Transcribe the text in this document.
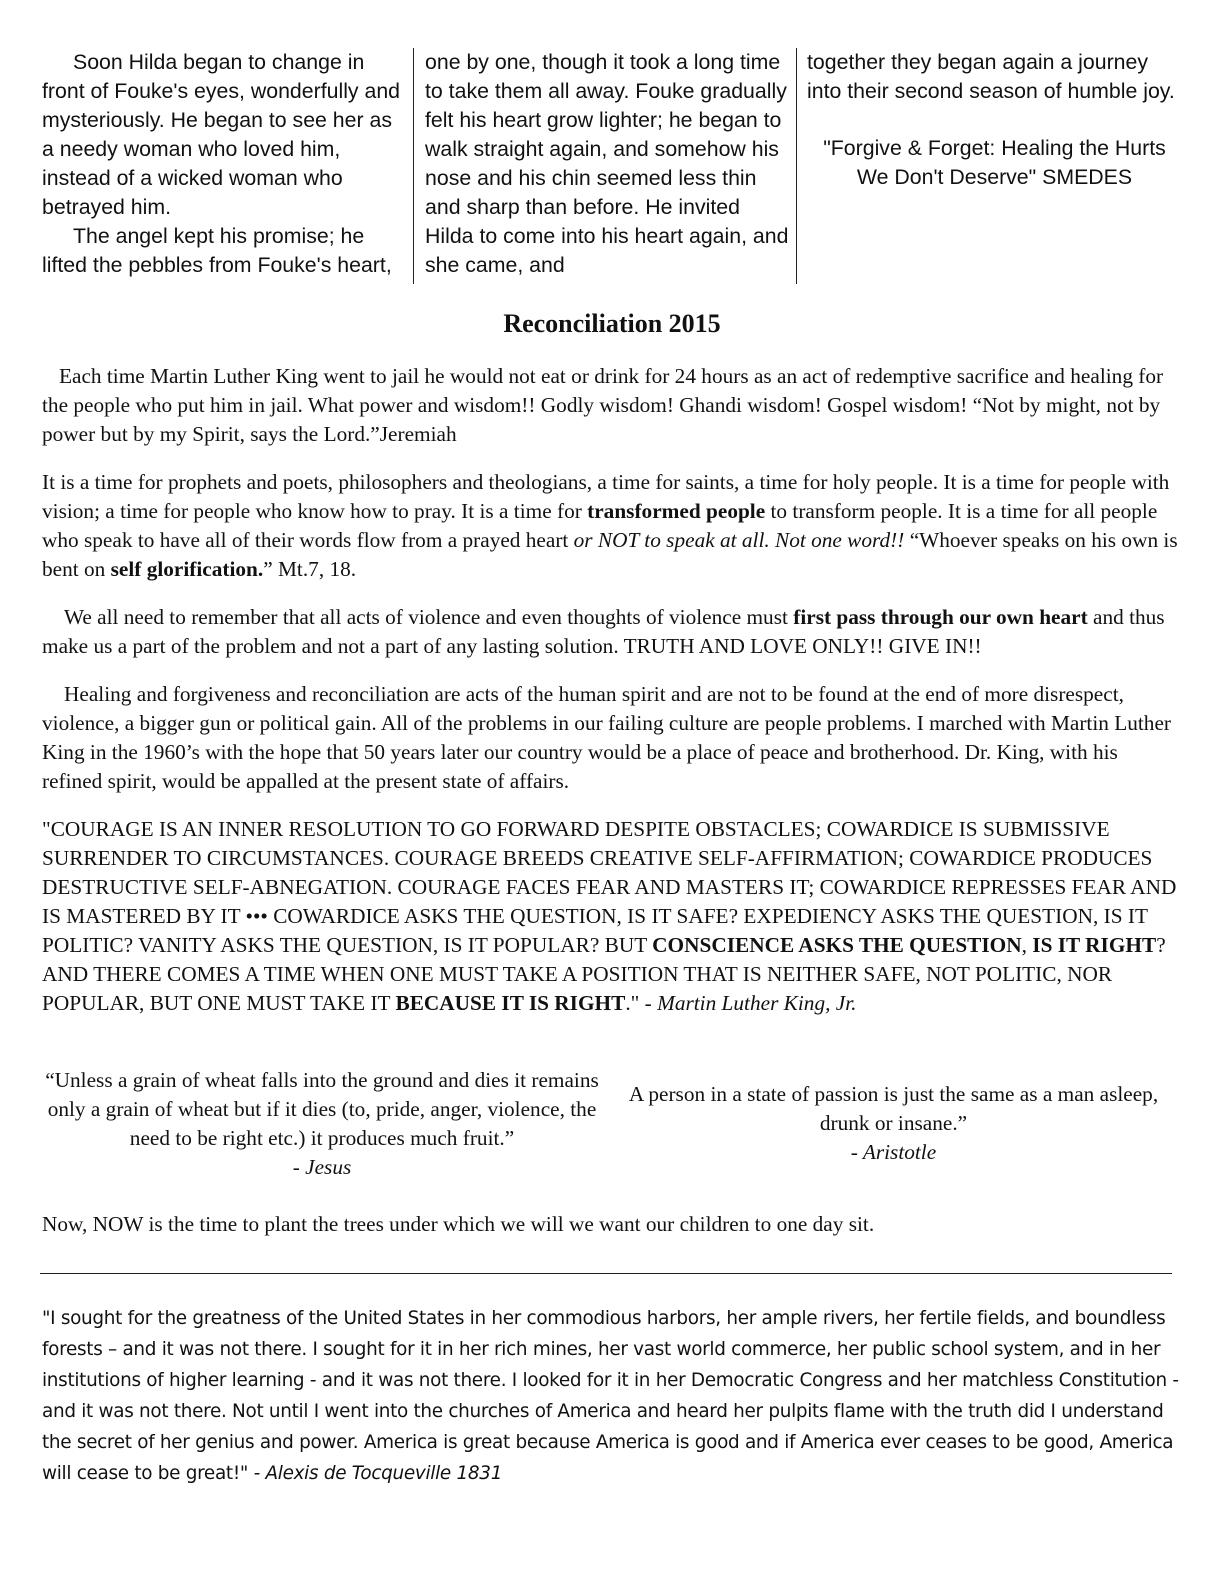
Soon Hilda began to change in front of Fouke's eyes, wonderfully and mysteriously. He began to see her as a needy woman who loved him, instead of a wicked woman who betrayed him.

The angel kept his promise; he lifted the pebbles from Fouke's heart,

one by one, though it took a long time to take them all away. Fouke gradually felt his heart grow lighter; he began to walk straight again, and somehow his nose and his chin seemed less thin and sharp than before. He invited Hilda to come into his heart again, and she came, and

together they began again a journey into their second season of humble joy.

"Forgive & Forget: Healing the Hurts We Don't Deserve" SMEDES

Reconciliation 2015

Each time Martin Luther King went to jail he would not eat or drink for 24 hours as an act of redemptive sacrifice and healing for the people who put him in jail. What power and wisdom!! Godly wisdom! Ghandi wisdom! Gospel wisdom! “Not by might, not by power but by my Spirit, says the Lord.”Jeremiah

It is a time for prophets and poets, philosophers and theologians, a time for saints, a time for holy people. It is a time for people with vision; a time for people who know how to pray. It is a time for transformed people to transform people. It is a time for all people who speak to have all of their words flow from a prayed heart or NOT to speak at all. Not one word!! “Whoever speaks on his own is bent on self glorification.” Mt.7, 18.

We all need to remember that all acts of violence and even thoughts of violence must first pass through our own heart and thus make us a part of the problem and not a part of any lasting solution. TRUTH AND LOVE ONLY!! GIVE IN!!

Healing and forgiveness and reconciliation are acts of the human spirit and are not to be found at the end of more disrespect, violence, a bigger gun or political gain. All of the problems in our failing culture are people problems. I marched with Martin Luther King in the 1960’s with the hope that 50 years later our country would be a place of peace and brotherhood. Dr. King, with his refined spirit, would be appalled at the present state of affairs.

"COURAGE IS AN INNER RESOLUTION TO GO FORWARD DESPITE OBSTACLES; COWARDICE IS SUBMISSIVE SURRENDER TO CIRCUMSTANCES. COURAGE BREEDS CREATIVE SELF-AFFIRMATION; COWARDICE PRODUCES DESTRUCTIVE SELF-ABNEGATION. COURAGE FACES FEAR AND MASTERS IT; COWARDICE REPRESSES FEAR AND IS MASTERED BY IT ••• COWARDICE ASKS THE QUESTION, IS IT SAFE? EXPEDIENCY ASKS THE QUESTION, IS IT POLITIC? VANITY ASKS THE QUESTION, IS IT POPULAR? BUT CONSCIENCE ASKS THE QUESTION, IS IT RIGHT? AND THERE COMES A TIME WHEN ONE MUST TAKE A POSITION THAT IS NEITHER SAFE, NOT POLITIC, NOR POPULAR, BUT ONE MUST TAKE IT BECAUSE IT IS RIGHT." - Martin Luther King, Jr.

“Unless a grain of wheat falls into the ground and dies it remains only a grain of wheat but if it dies (to, pride, anger, violence, the need to be right etc.) it produces much fruit.”

- Jesus

A person in a state of passion is just the same as a man asleep, drunk or insane.”

- Aristotle

Now, NOW is the time to plant the trees under which we will we want our children to one day sit.

"I sought for the greatness of the United States in her commodious harbors, her ample rivers, her fertile fields, and boundless forests – and it was not there. I sought for it in her rich mines, her vast world commerce, her public school system, and in her institutions of higher learning - and it was not there. I looked for it in her Democratic Congress and her matchless Constitution - and it was not there. Not until I went into the churches of America and heard her pulpits flame with the truth did I understand the secret of her genius and power. America is great because America is good and if America ever ceases to be good, America will cease to be great!" - Alexis de Tocqueville 1831
